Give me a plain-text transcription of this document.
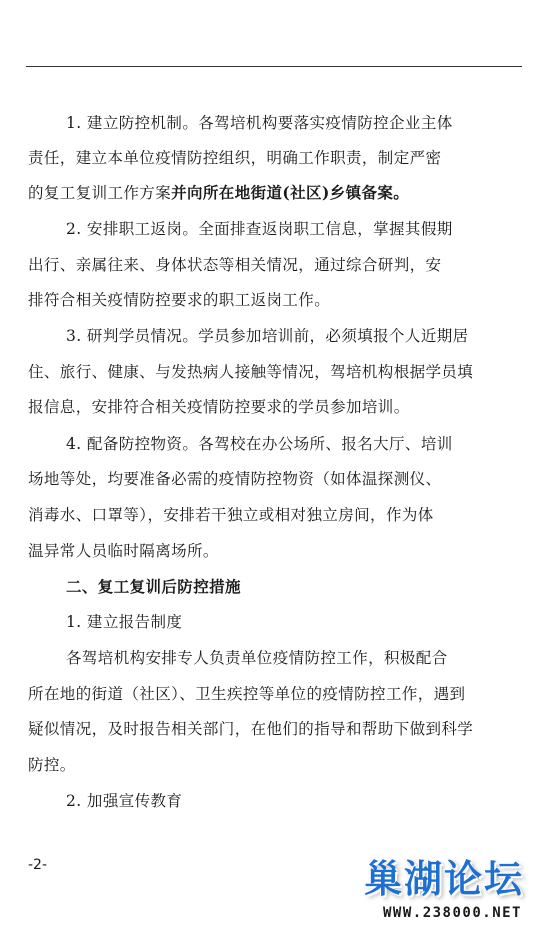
1. 建立防控机制。各驾培机构要落实疫情防控企业主体
责任，建立本单位疫情防控组织，明确工作职责，制定严密
的复工复训工作方案并向所在地街道(社区)乡镇备案。
2. 安排职工返岗。全面排查返岗职工信息，掌握其假期
出行、亲属往来、身体状态等相关情况，通过综合研判，安
排符合相关疫情防控要求的职工返岗工作。
3. 研判学员情况。学员参加培训前，必须填报个人近期居
住、旅行、健康、与发热病人接触等情况，驾培机构根据学员填
报信息，安排符合相关疫情防控要求的学员参加培训。
4. 配备防控物资。各驾校在办公场所、报名大厅、培训
场地等处，均要准备必需的疫情防控物资（如体温探测仪、
消毒水、口罩等），安排若干独立或相对独立房间，作为体
温异常人员临时隔离场所。
二、复工复训后防控措施
1. 建立报告制度
各驾培机构安排专人负责单位疫情防控工作，积极配合
所在地的街道（社区）、卫生疾控等单位的疫情防控工作，遇到
疑似情况，及时报告相关部门，在他们的指导和帮助下做到科学
防控。
2. 加强宣传教育
-2-	巢湖论坛
WWW.238000.NET
